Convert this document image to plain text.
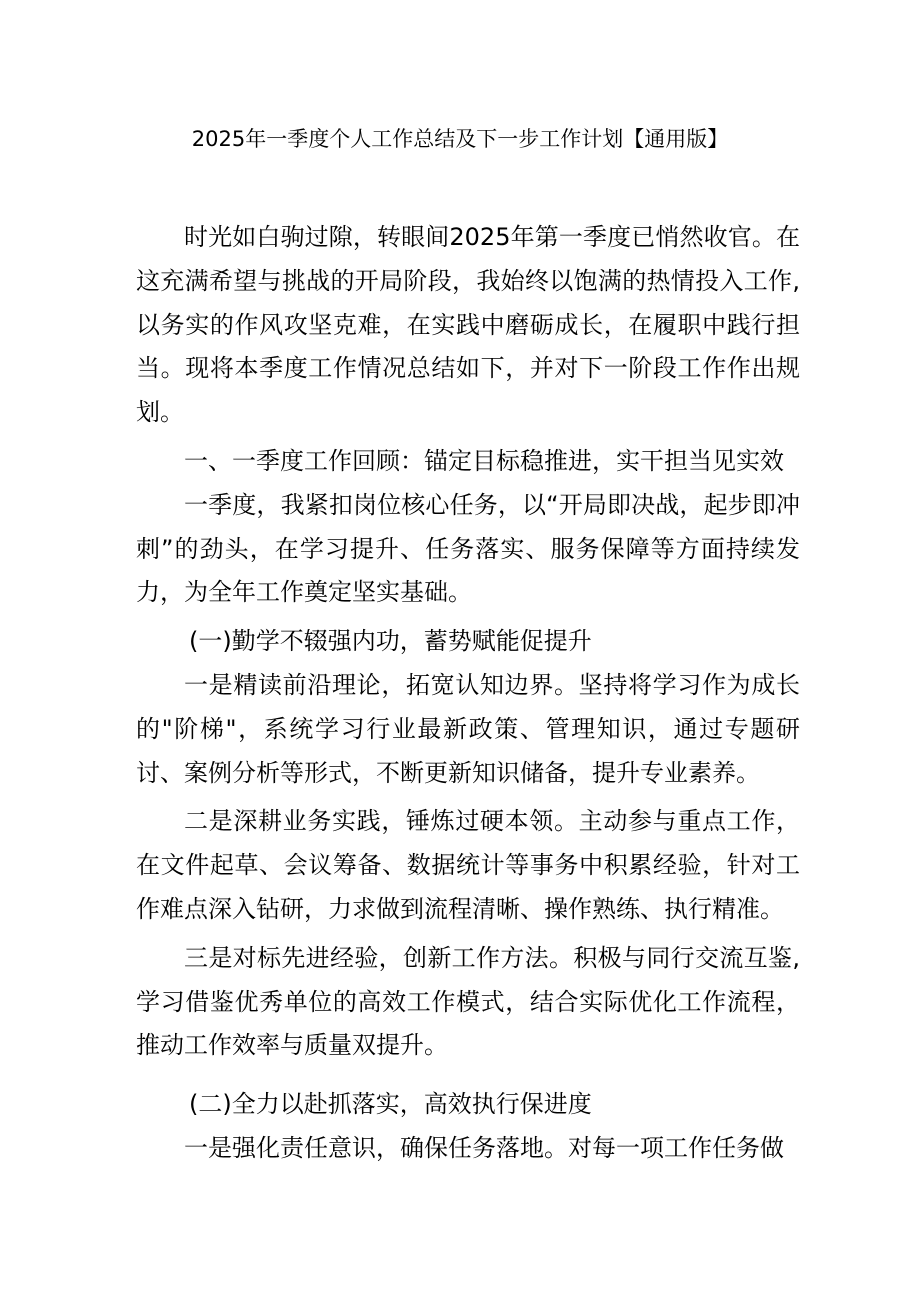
2025年一季度个人工作总结及下一步工作计划【通用版】

时光如白驹过隙，转眼间2025年第一季度已悄然收官。在这充满希望与挑战的开局阶段，我始终以饱满的热情投入工作,以务实的作风攻坚克难，在实践中磨砺成长，在履职中践行担当。现将本季度工作情况总结如下，并对下一阶段工作作出规划。

一、一季度工作回顾：锚定目标稳推进，实干担当见实效

一季度，我紧扣岗位核心任务，以“开局即决战，起步即冲刺”的劲头，在学习提升、任务落实、服务保障等方面持续发力，为全年工作奠定坚实基础。

(一)勤学不辍强内功，蓄势赋能促提升

一是精读前沿理论，拓宽认知边界。坚持将学习作为成长的"阶梯"，系统学习行业最新政策、管理知识，通过专题研讨、案例分析等形式，不断更新知识储备，提升专业素养。

二是深耕业务实践，锤炼过硬本领。主动参与重点工作，在文件起草、会议筹备、数据统计等事务中积累经验，针对工作难点深入钻研，力求做到流程清晰、操作熟练、执行精准。

三是对标先进经验，创新工作方法。积极与同行交流互鉴,学习借鉴优秀单位的高效工作模式，结合实际优化工作流程，推动工作效率与质量双提升。

(二)全力以赴抓落实，高效执行保进度

一是强化责任意识，确保任务落地。对每一项工作任务做
